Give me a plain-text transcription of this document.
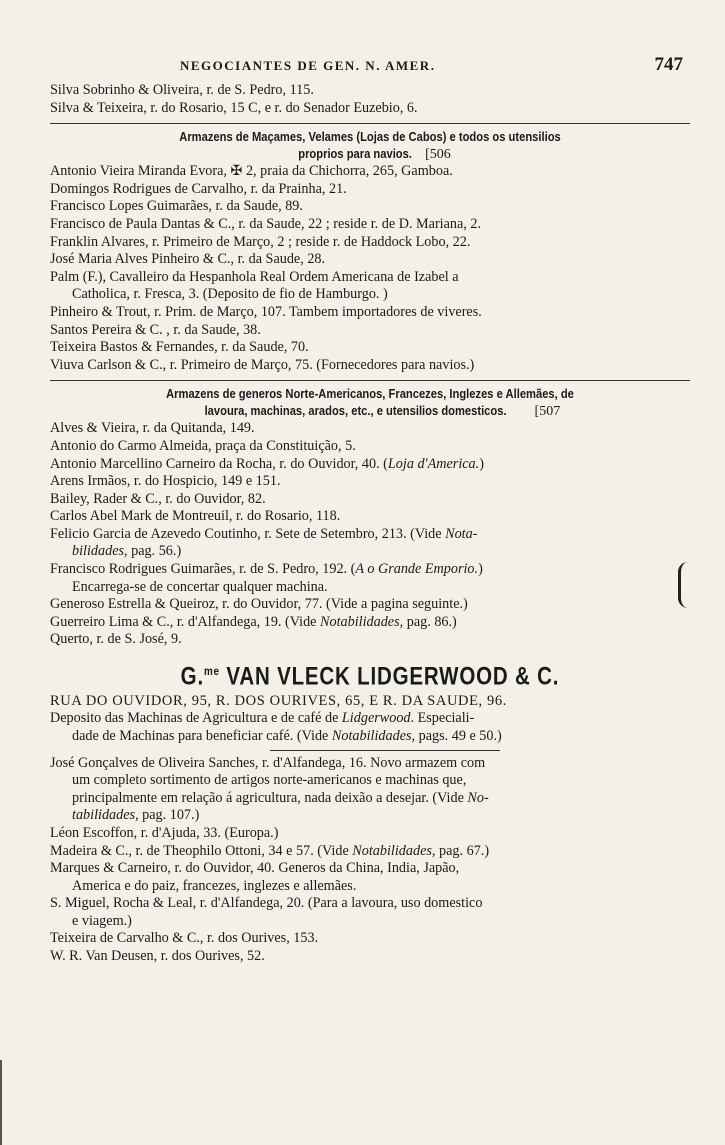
NEGOCIANTES DE GEN. N. AMER.	747
Silva Sobrinho & Oliveira, r. de S. Pedro, 115.
Silva & Teixeira, r. do Rosario, 15 C, e r. do Senador Euzebio, 6.
Armazens de Maçames, Velames (Lojas de Cabos) e todos os utensilios
proprios para navios. [506
Antonio Vieira Miranda Evora, ✠ 2, praia da Chichorra, 265, Gamboa.
Domingos Rodrigues de Carvalho, r. da Prainha, 21.
Francisco Lopes Guimarães, r. da Saude, 89.
Francisco de Paula Dantas & C., r. da Saude, 22 ; reside r. de D. Mariana, 2.
Franklin Alvares, r. Primeiro de Março, 2 ; reside r. de Haddock Lobo, 22.
José Maria Alves Pinheiro & C., r. da Saude, 28.
Palm (F.), Cavalleiro da Hespanhola Real Ordem Americana de Izabel a
Catholica, r. Fresca, 3. (Deposito de fio de Hamburgo. )
Pinheiro & Trout, r. Prim. de Março, 107. Tambem importadores de viveres.
Santos Pereira & C. , r. da Saude, 38.
Teixeira Bastos & Fernandes, r. da Saude, 70.
Viuva Carlson & C., r. Primeiro de Março, 75. (Fornecedores para navios.)
Armazens de generos Norte-Americanos, Francezes, Inglezes e Allemães, de
lavoura, machinas, arados, etc., e utensilios domesticos. [507
Alves & Vieira, r. da Quitanda, 149.
Antonio do Carmo Almeida, praça da Constituição, 5.
Antonio Marcellino Carneiro da Rocha, r. do Ouvidor, 40. (Loja d'America.)
Arens Irmãos, r. do Hospicio, 149 e 151.
Bailey, Rader & C., r. do Ouvidor, 82.
Carlos Abel Mark de Montreuil, r. do Rosario, 118.
Felicio Garcia de Azevedo Coutinho, r. Sete de Setembro, 213. (Vide Nota-
bilidades, pag. 56.)
Francisco Rodrigues Guimarães, r. de S. Pedro, 192. (A o Grande Emporio.)
Encarrega-se de concertar qualquer machina.
Generoso Estrella & Queiroz, r. do Ouvidor, 77. (Vide a pagina seguinte.)
Guerreiro Lima & C., r. d'Alfandega, 19. (Vide Notabilidades, pag. 86.)
Querto, r. de S. José, 9.
G.$^{me}$ VAN VLECK LIDGERWOOD & C.
RUA DO OUVIDOR, 95, R. DOS OURIVES, 65, E R. DA SAUDE, 96.
Deposito das Machinas de Agricultura e de café de Lidgerwood. Especiali-
dade de Machinas para beneficiar café. (Vide Notabilidades, pags. 49 e 50.)
José Gonçalves de Oliveira Sanches, r. d'Alfandega, 16. Novo armazem com
um completo sortimento de artigos norte-americanos e machinas que,
principalmente em relação á agricultura, nada deixão a desejar. (Vide No-
tabilidades, pag. 107.)
Léon Escoffon, r. d'Ajuda, 33. (Europa.)
Madeira & C., r. de Theophilo Ottoni, 34 e 57. (Vide Notabilidades, pag. 67.)
Marques & Carneiro, r. do Ouvidor, 40. Generos da China, India, Japão,
America e do paiz, francezes, inglezes e allemães.
S. Miguel, Rocha & Leal, r. d'Alfandega, 20. (Para a lavoura, uso domestico
e viagem.)
Teixeira de Carvalho & C., r. dos Ourives, 153.
W. R. Van Deusen, r. dos Ourives, 52.
